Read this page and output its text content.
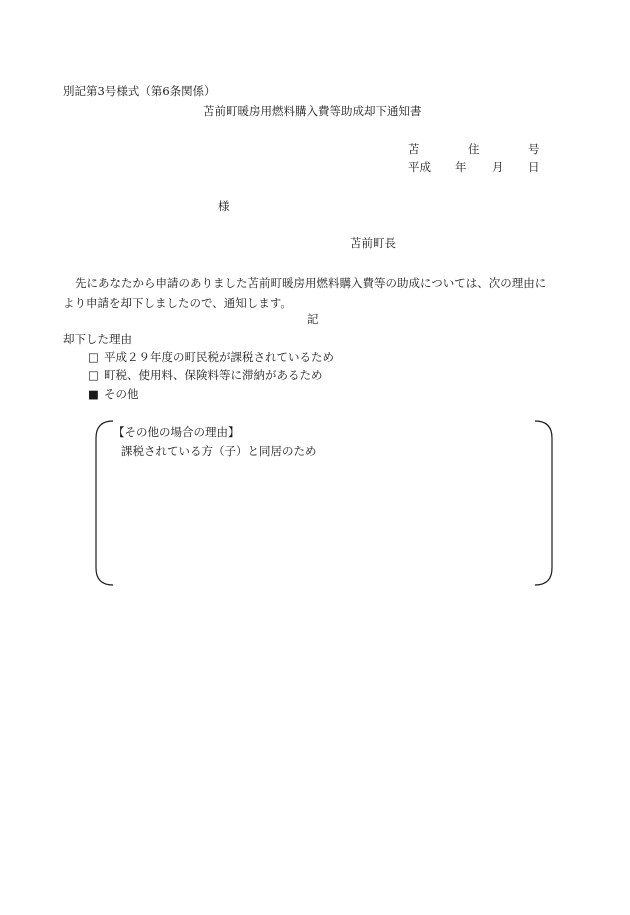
別記第3号様式（第6条関係）
苫前町暖房用燃料購入費等助成却下通知書
苫	住	号
平成 年 月 日
様
苫前町長
先にあなたから申請のありました苫前町暖房用燃料購入費等の助成については、次の理由により申請を却下しましたので、通知します。
記
却下した理由
□ 平成２９年度の町民税が課税されているため
□ 町税、使用料、保険料等に滞納があるため
■ その他
【その他の場合の理由】
課税されている方（子）と同居のため
